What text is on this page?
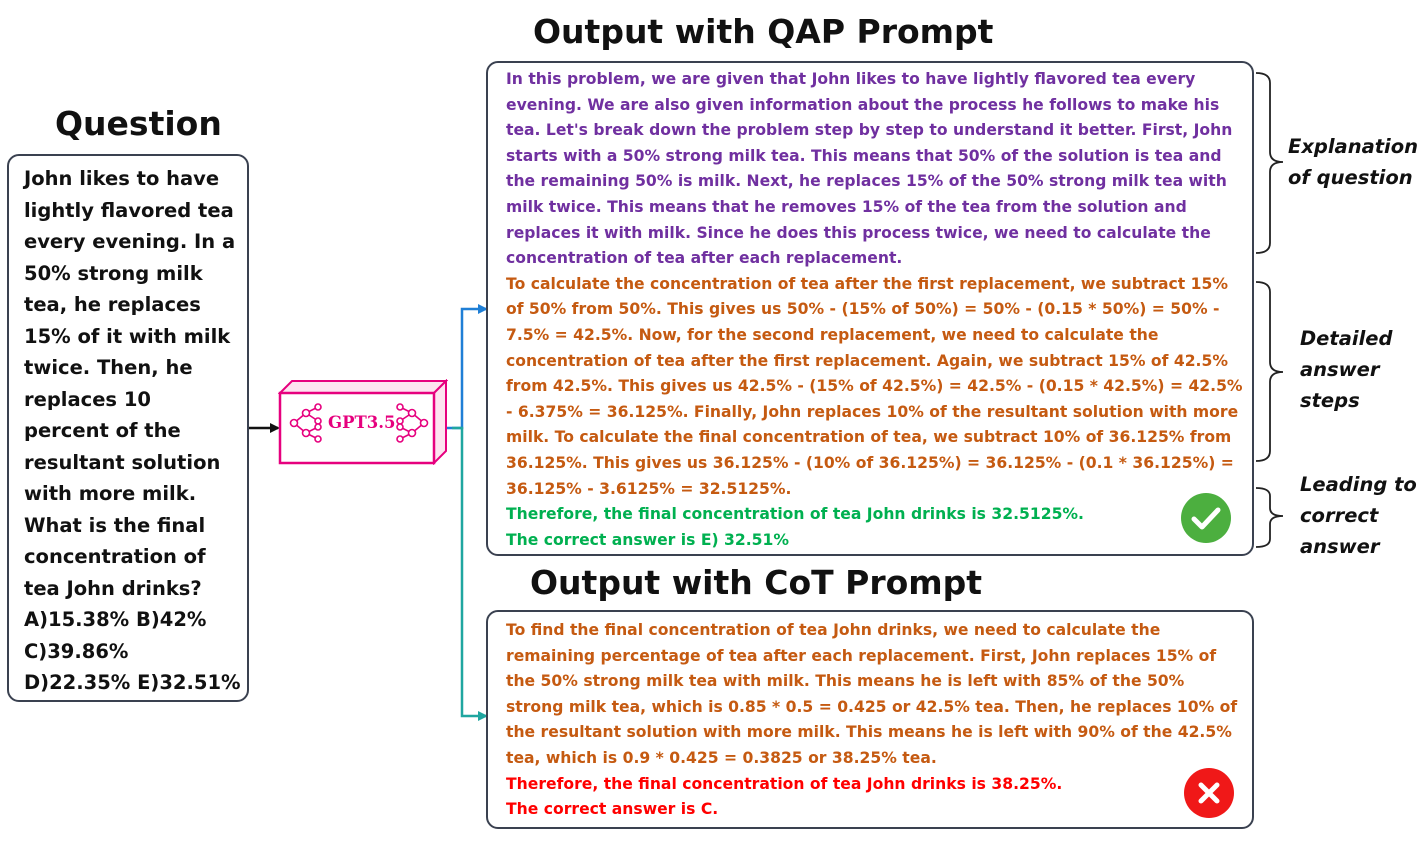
Question
Output with QAP Prompt
Output with CoT Prompt
John likes to have
lightly flavored tea
every evening. In a
50% strong milk
tea, he replaces
15% of it with milk
twice. Then, he
replaces 10
percent of the
resultant solution
with more milk.
What is the final
concentration of
tea John drinks?
A)15.38% B)42%
C)39.86%
D)22.35% E)32.51%
GPT3.5
In this problem, we are given that John likes to have lightly flavored tea every
evening. We are also given information about the process he follows to make his
tea. Let's break down the problem step by step to understand it better. First, John
starts with a 50% strong milk tea. This means that 50% of the solution is tea and
the remaining 50% is milk. Next, he replaces 15% of the 50% strong milk tea with
milk twice. This means that he removes 15% of the tea from the solution and
replaces it with milk. Since he does this process twice, we need to calculate the
concentration of tea after each replacement.
To calculate the concentration of tea after the first replacement, we subtract 15%
of 50% from 50%. This gives us 50% - (15% of 50%) = 50% - (0.15 * 50%) = 50% -
7.5% = 42.5%. Now, for the second replacement, we need to calculate the
concentration of tea after the first replacement. Again, we subtract 15% of 42.5%
from 42.5%. This gives us 42.5% - (15% of 42.5%) = 42.5% - (0.15 * 42.5%) = 42.5%
- 6.375% = 36.125%. Finally, John replaces 10% of the resultant solution with more
milk. To calculate the final concentration of tea, we subtract 10% of 36.125% from
36.125%. This gives us 36.125% - (10% of 36.125%) = 36.125% - (0.1 * 36.125%) =
36.125% - 3.6125% = 32.5125%.
Therefore, the final concentration of tea John drinks is 32.5125%.
The correct answer is E) 32.51%
To find the final concentration of tea John drinks, we need to calculate the
remaining percentage of tea after each replacement. First, John replaces 15% of
the 50% strong milk tea with milk. This means he is left with 85% of the 50%
strong milk tea, which is 0.85 * 0.5 = 0.425 or 42.5% tea. Then, he replaces 10% of
the resultant solution with more milk. This means he is left with 90% of the 42.5%
tea, which is 0.9 * 0.425 = 0.3825 or 38.25% tea.
Therefore, the final concentration of tea John drinks is 38.25%.
The correct answer is C.
Explanation
of question
Detailed
answer
steps
Leading to
correct
answer
